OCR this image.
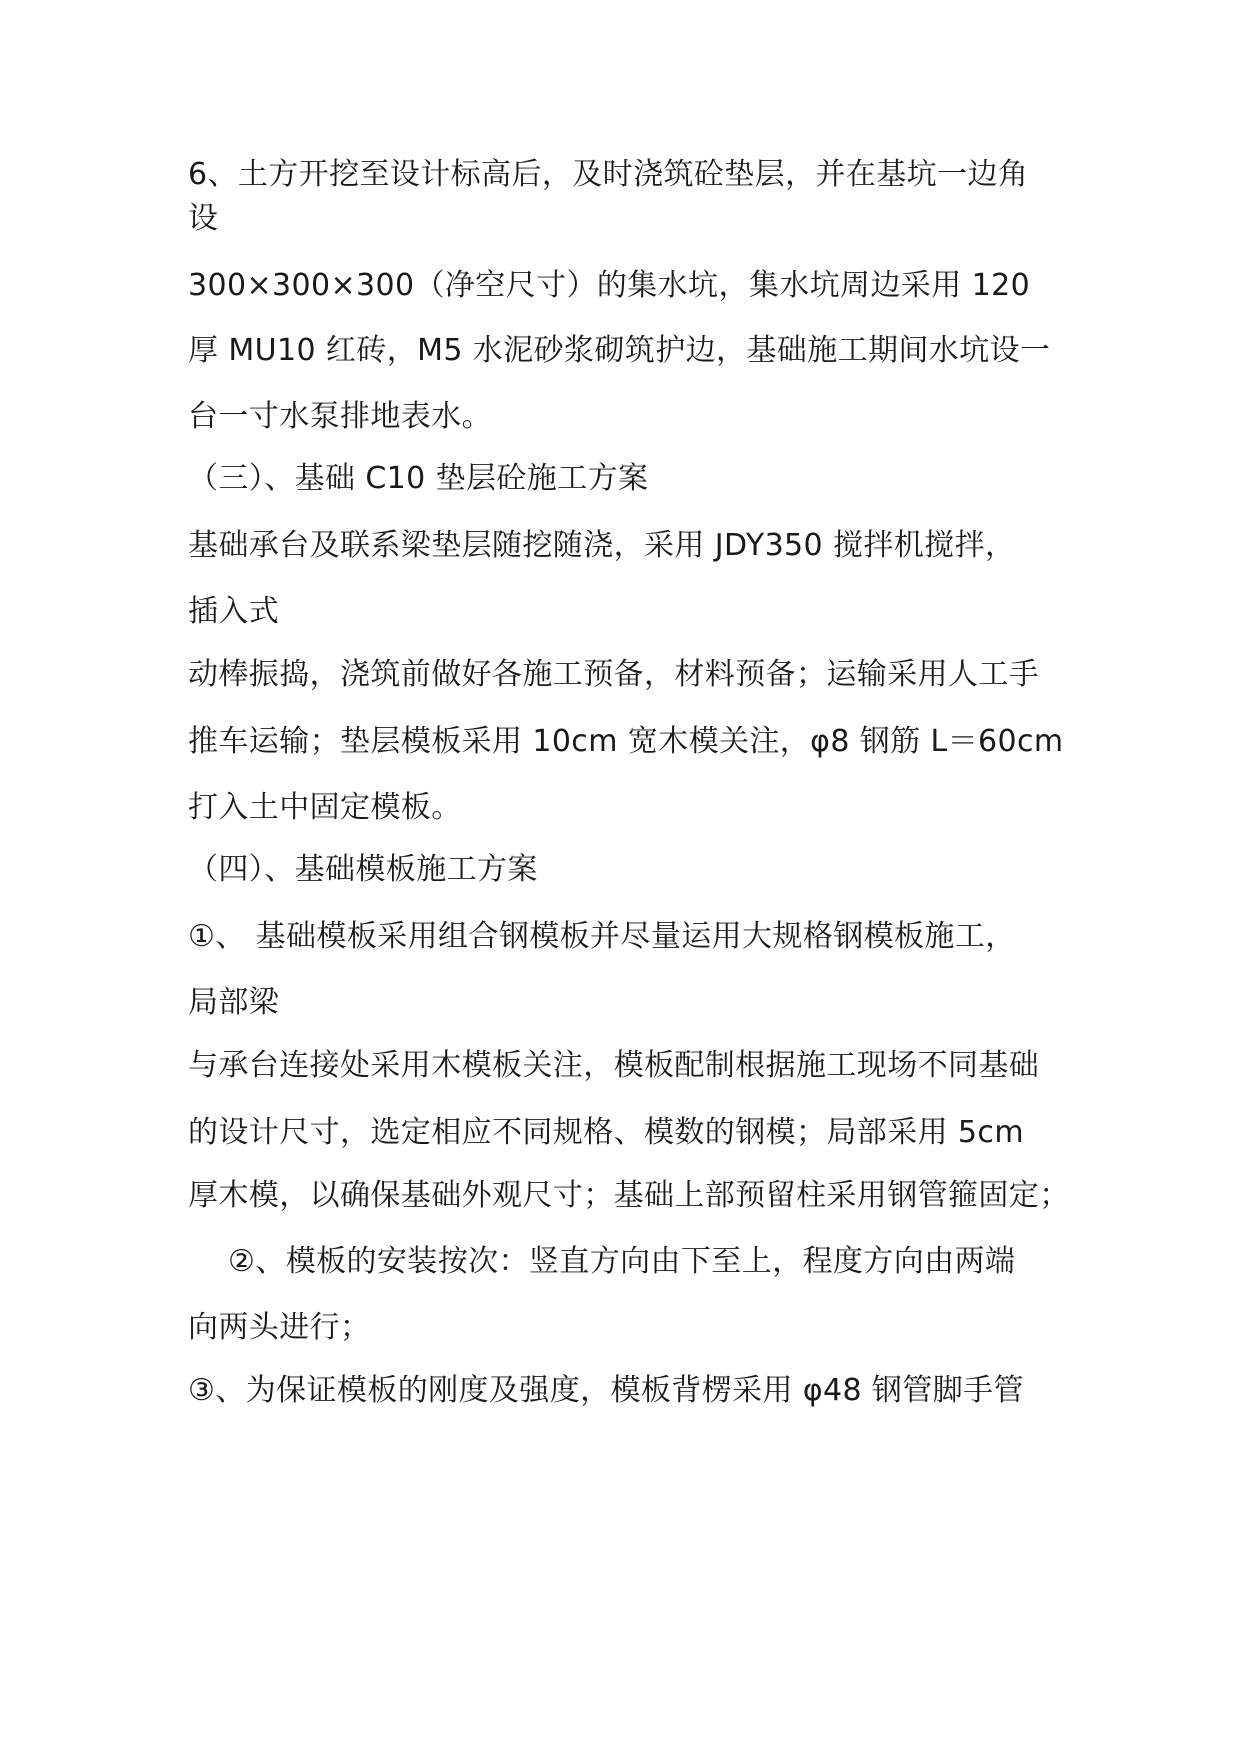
6、土方开挖至设计标高后，及时浇筑砼垫层，并在基坑一边角
设
300×300×300（净空尺寸）的集水坑，集水坑周边采用 120
厚 MU10 红砖，M5 水泥砂浆砌筑护边，基础施工期间水坑设一
台一寸水泵排地表水。
（三）、基础 C10 垫层砼施工方案
基础承台及联系梁垫层随挖随浇，采用 JDY350 搅拌机搅拌，
插入式
动棒振捣，浇筑前做好各施工预备，材料预备；运输采用人工手
推车运输；垫层模板采用 10cm 宽木模关注，φ8 钢筋 L＝60cm
打入土中固定模板。
（四）、基础模板施工方案
①、 基础模板采用组合钢模板并尽量运用大规格钢模板施工，
局部梁
与承台连接处采用木模板关注，模板配制根据施工现场不同基础
的设计尺寸，选定相应不同规格、模数的钢模；局部采用 5cm
厚木模，以确保基础外观尺寸；基础上部预留柱采用钢管箍固定；
②、模板的安装按次：竖直方向由下至上，程度方向由两端
向两头进行；
③、为保证模板的刚度及强度，模板背楞采用 φ48 钢管脚手管
